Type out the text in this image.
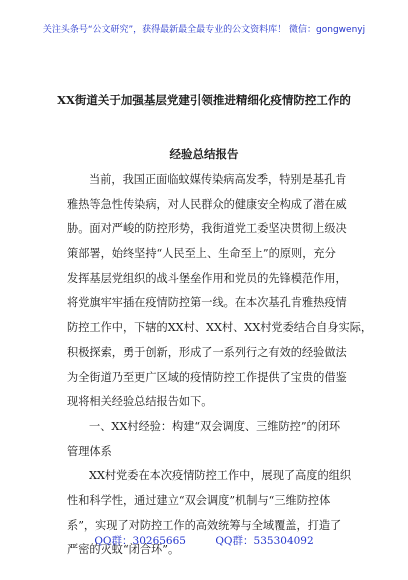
关注头条号“公文研究”，获得最新最全最专业的公文资料库！ 微信：gongwenyj
XX街道关于加强基层党建引领推进精细化疫情防控工作的
经验总结报告
当前，我国正面临蚊媒传染病高发季，特别是基孔肯
雅热等急性传染病，对人民群众的健康安全构成了潜在威
胁。面对严峻的防控形势，我街道党工委坚决贯彻上级决
策部署，始终坚持“人民至上、生命至上”的原则，充分
发挥基层党组织的战斗堡垒作用和党员的先锋模范作用，
将党旗牢牢插在疫情防控第一线。在本次基孔肯雅热疫情
防控工作中，下辖的XX村、XX村、XX村党委结合自身实际，
积极探索，勇于创新，形成了一系列行之有效的经验做法
为全街道乃至更广区域的疫情防控工作提供了宝贵的借鉴
现将相关经验总结报告如下。
一、XX村经验：构建“双会调度、三维防控”的闭环
管理体系
XX村党委在本次疫情防控工作中，展现了高度的组织
性和科学性，通过建立“双会调度”机制与“三维防控体
系”，实现了对防控工作的高效统筹与全域覆盖，打造了
严密的灭蚊“闭合环”。
QQ群：30265665	QQ群：535304092
